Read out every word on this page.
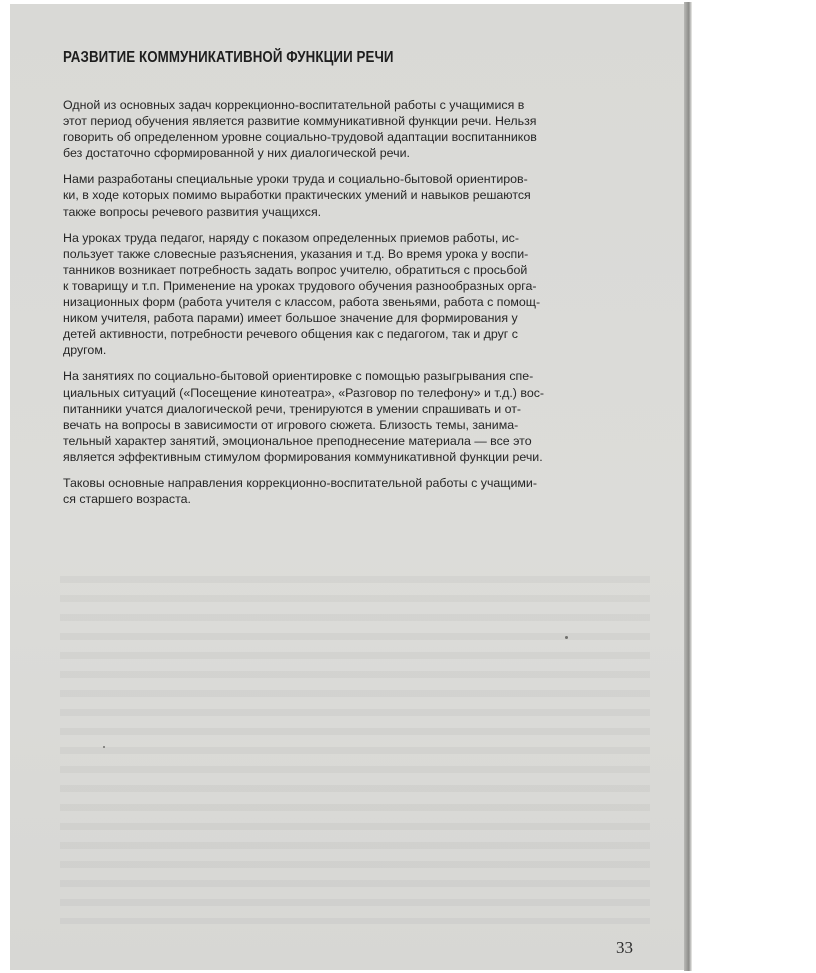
РАЗВИТИЕ КОММУНИКАТИВНОЙ ФУНКЦИИ РЕЧИ

Одной из основных задач коррекционно-воспитательной работы с учащимися в
этот период обучения является развитие коммуникативной функции речи. Нельзя
говорить об определенном уровне социально-трудовой адаптации воспитанников
без достаточно сформированной у них диалогической речи.

Нами разработаны специальные уроки труда и социально-бытовой ориентиров-
ки, в ходе которых помимо выработки практических умений и навыков решаются
также вопросы речевого развития учащихся.

На уроках труда педагог, наряду с показом определенных приемов работы, ис-
пользует также словесные разъяснения, указания и т.д. Во время урока у воспи-
танников возникает потребность задать вопрос учителю, обратиться с просьбой
к товарищу и т.п. Применение на уроках трудового обучения разнообразных орга-
низационных форм (работа учителя с классом, работа звеньями, работа с помощ-
ником учителя, работа парами) имеет большое значение для формирования у
детей активности, потребности речевого общения как с педагогом, так и друг с
другом.

На занятиях по социально-бытовой ориентировке с помощью разыгрывания спе-
циальных ситуаций («Посещение кинотеатра», «Разговор по телефону» и т.д.) вос-
питанники учатся диалогической речи, тренируются в умении спрашивать и от-
вечать на вопросы в зависимости от игрового сюжета. Близость темы, занима-
тельный характер занятий, эмоциональное преподнесение материала — все это
является эффективным стимулом формирования коммуникативной функции речи.

Таковы основные направления коррекционно-воспитательной работы с учащими-
ся старшего возраста.

33
